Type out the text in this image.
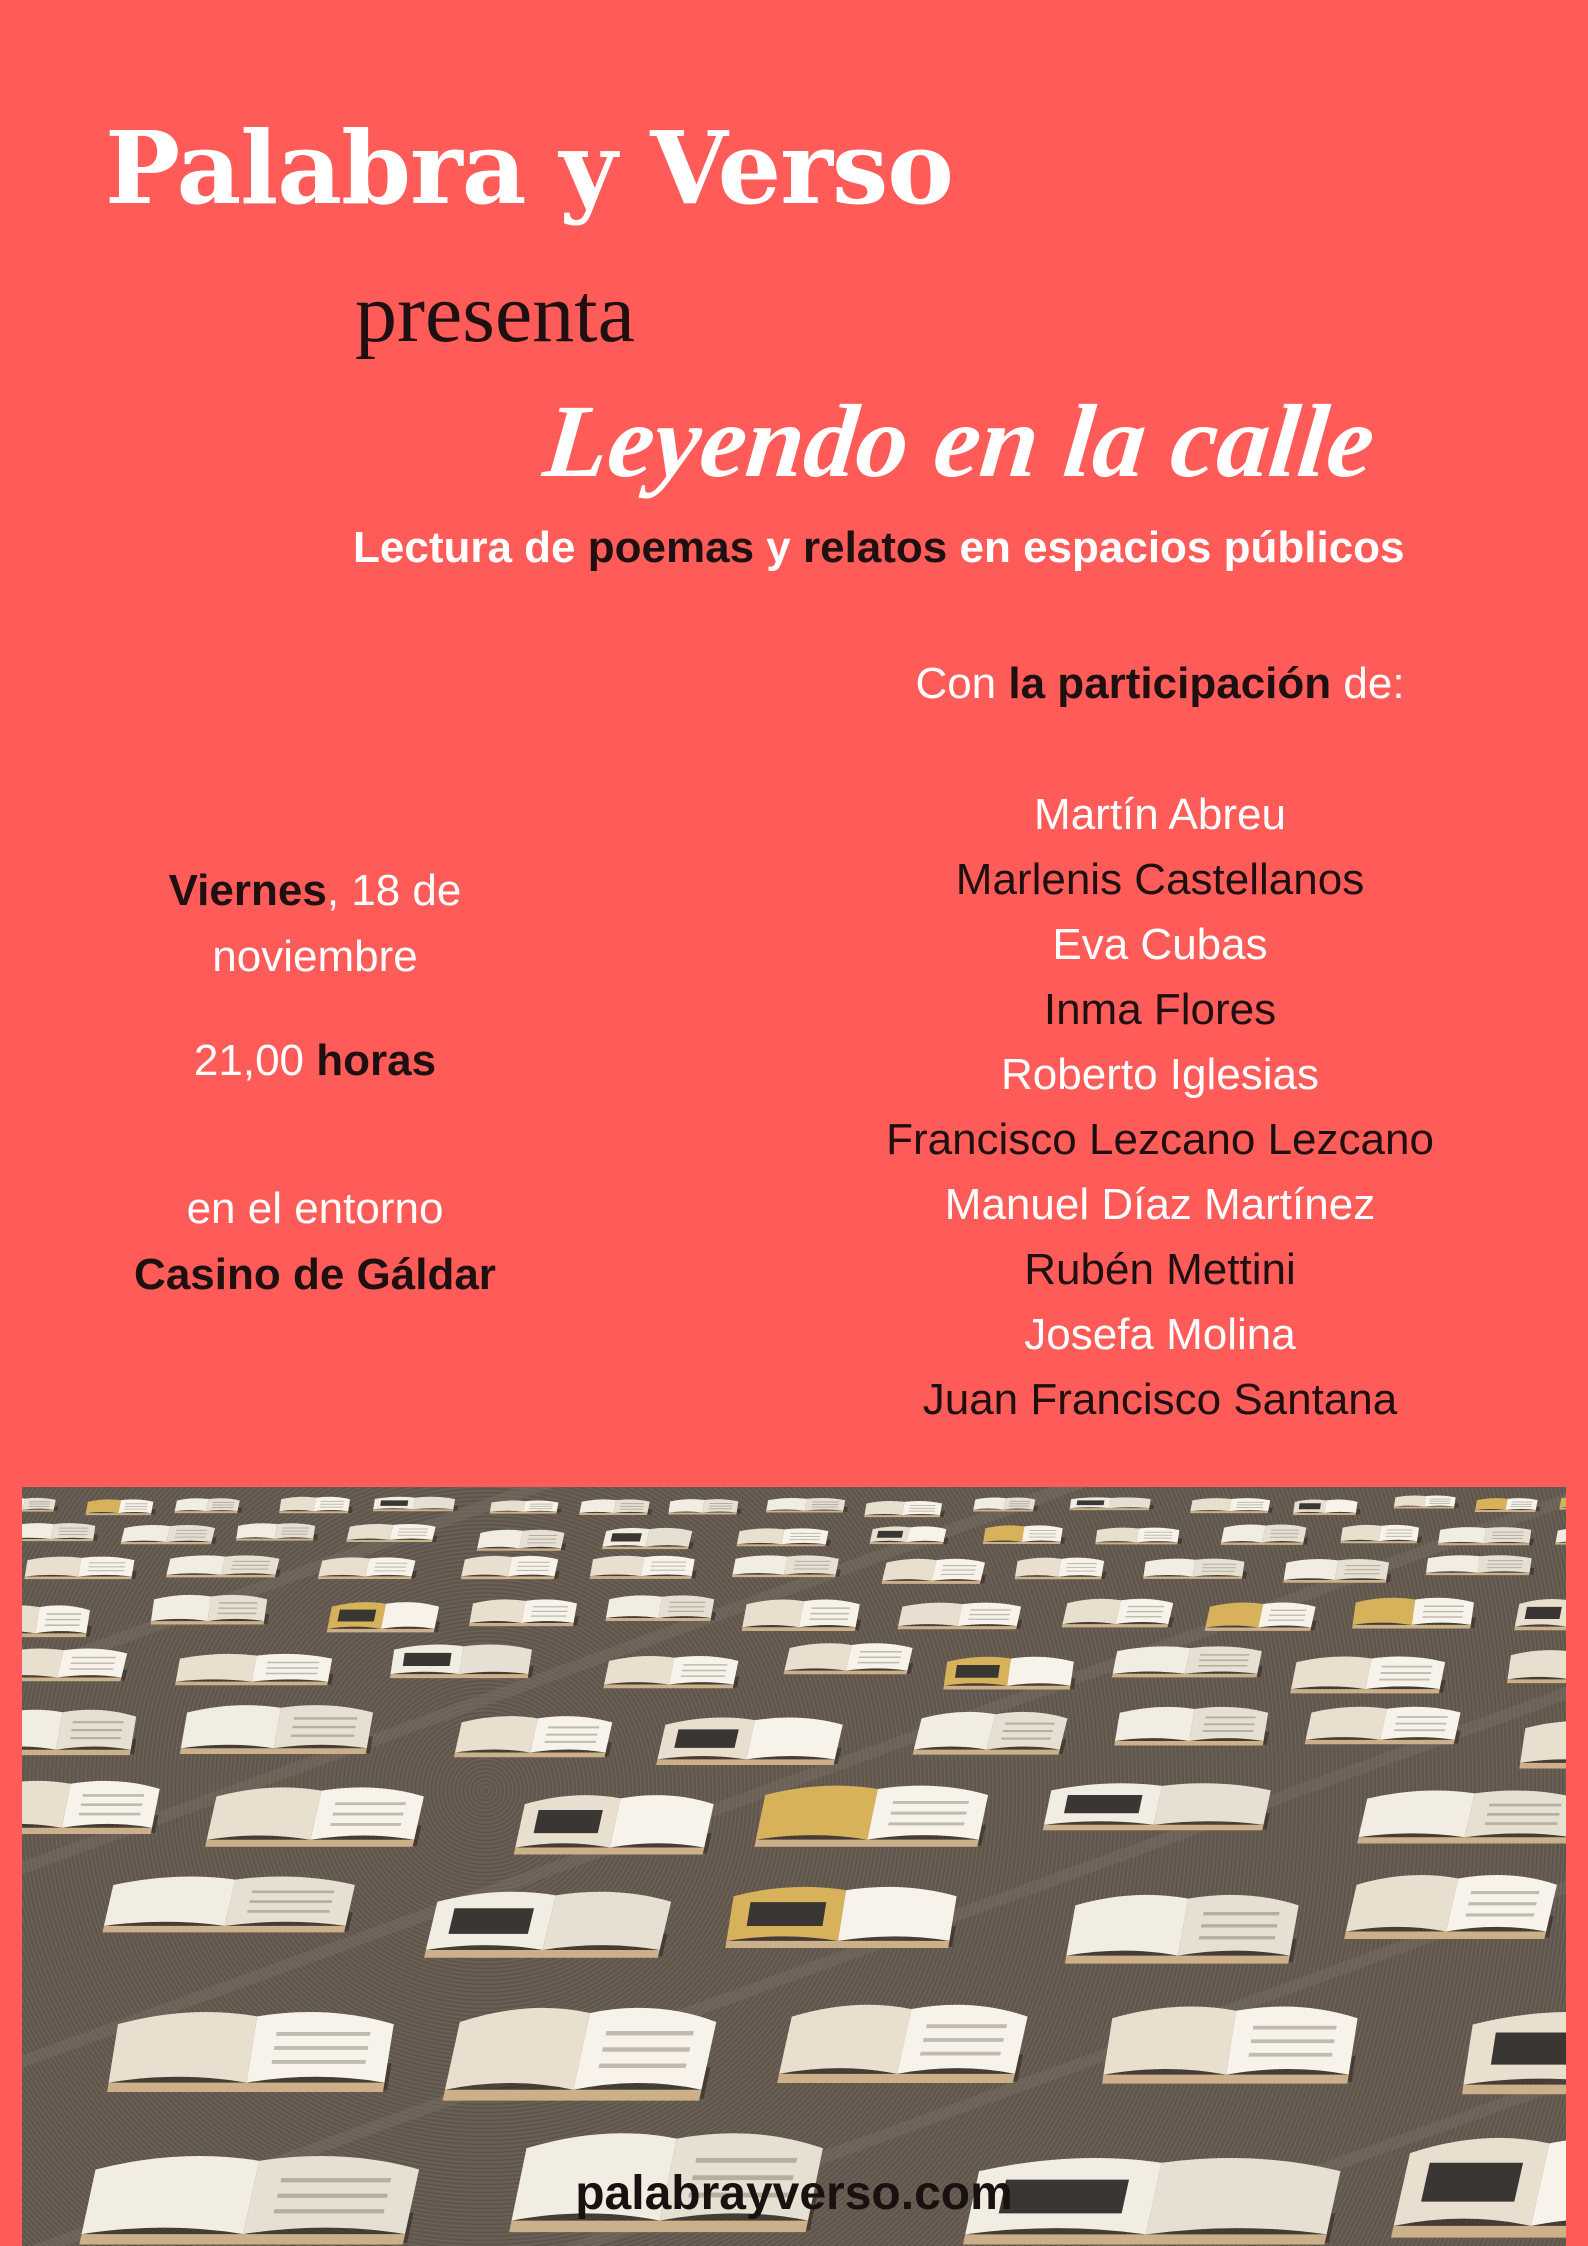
Palabra y Verso
presenta
Leyendo en la calle
Lectura de poemas y relatos en espacios públicos
Viernes, 18 de
noviembre
21,00 horas
en el entorno
Casino de Gáldar
Con la participación de:
Martín Abreu
Marlenis Castellanos
Eva Cubas
Inma Flores
Roberto Iglesias
Francisco Lezcano Lezcano
Manuel Díaz Martínez
Rubén Mettini
Josefa Molina
Juan Francisco Santana
palabrayverso.com
